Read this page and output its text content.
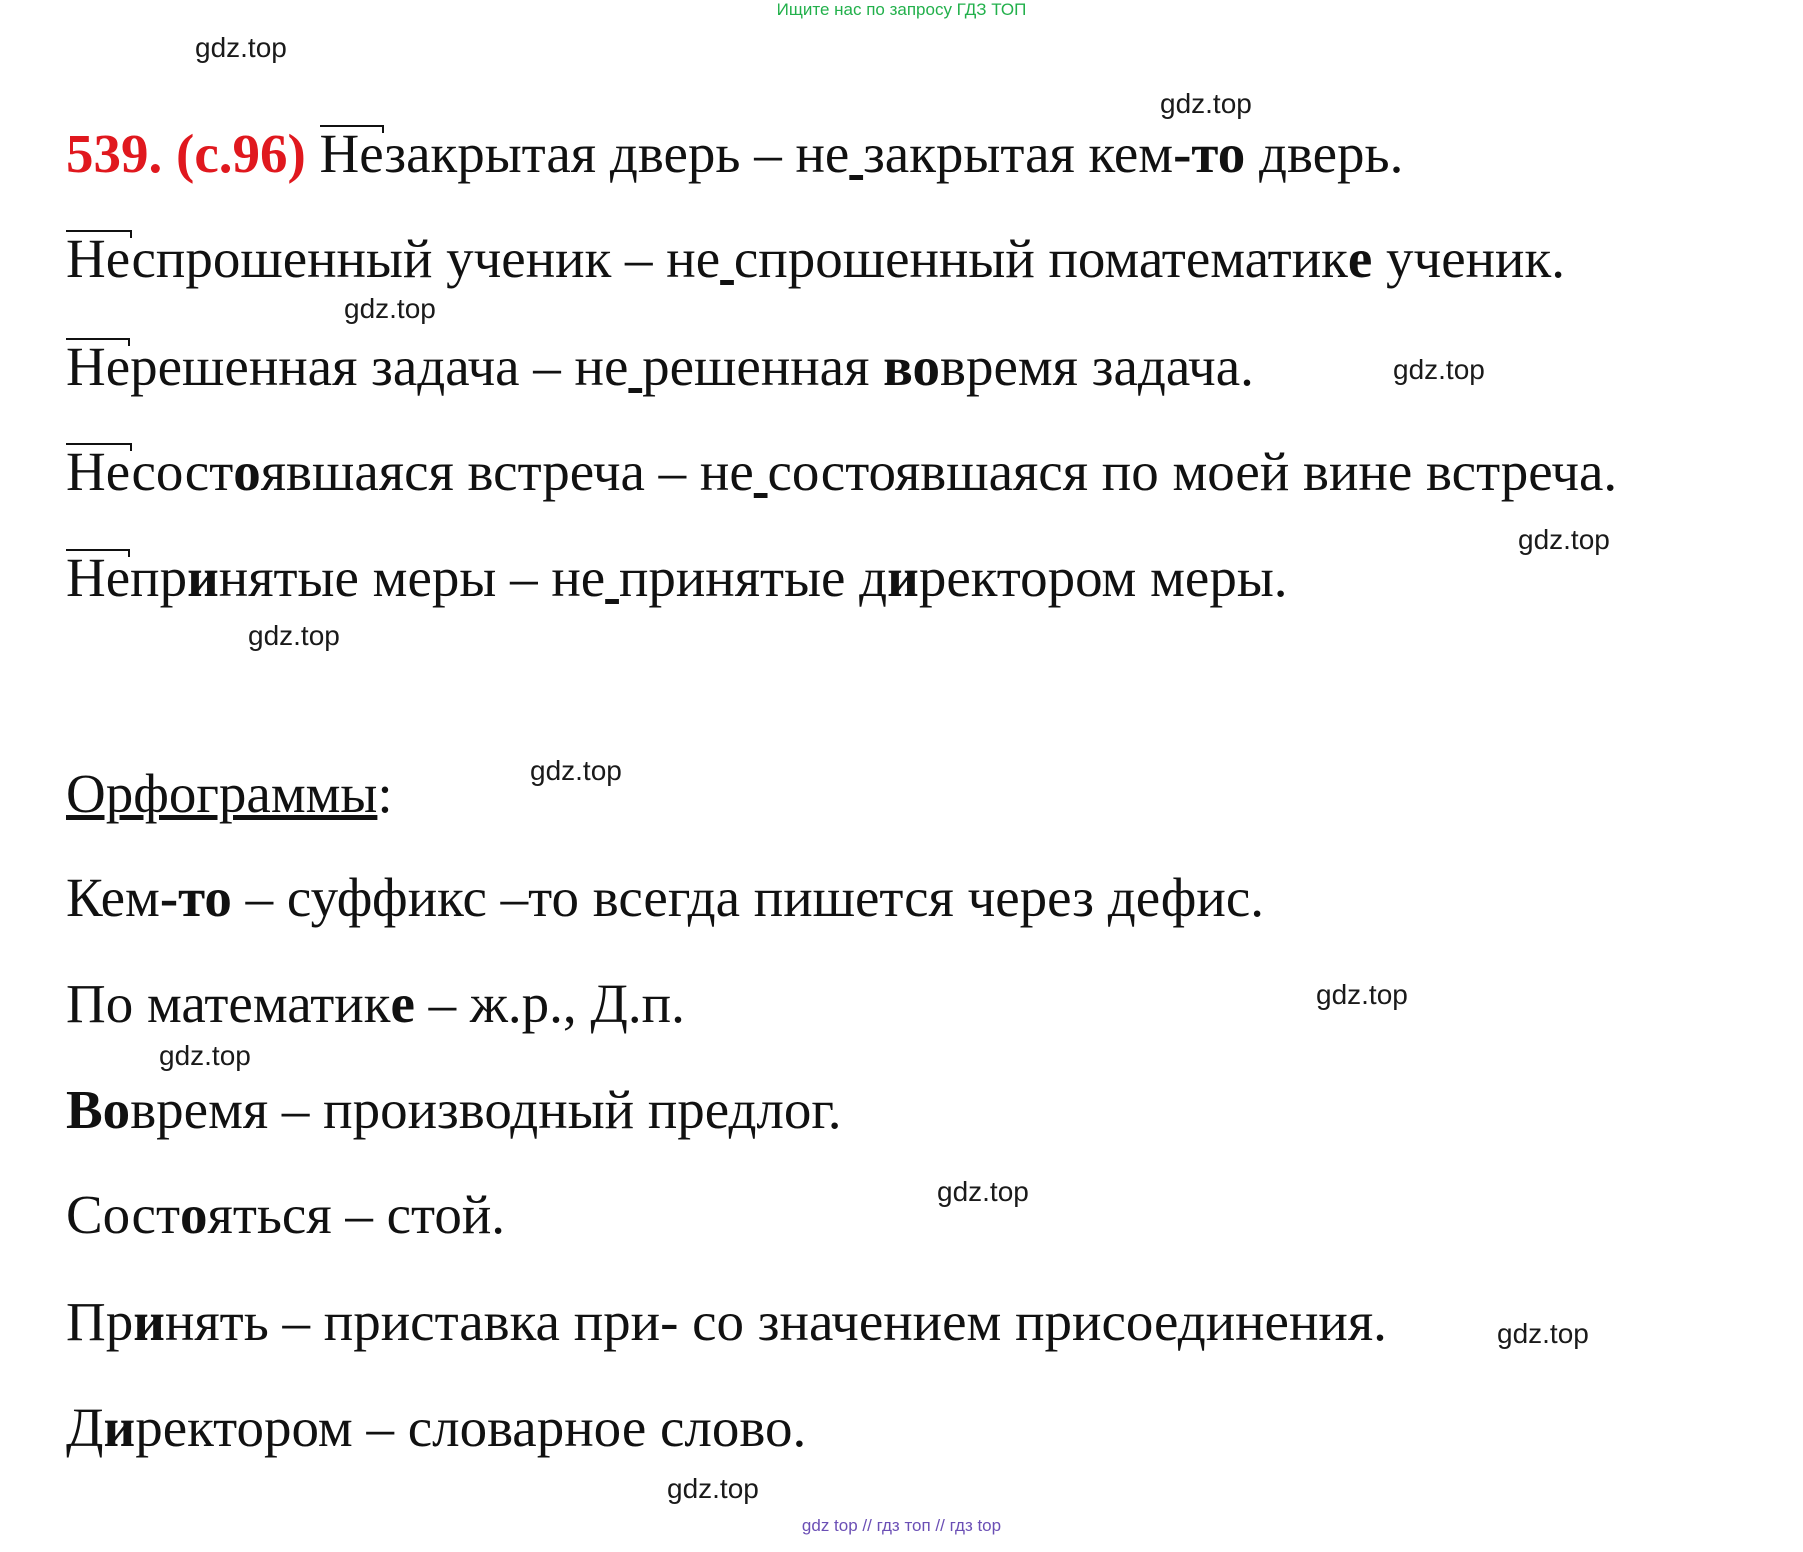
Ищите нас по запросу ГДЗ ТОП
gdz.top
gdz.top
gdz.top
gdz.top
gdz.top
gdz.top
gdz.top
gdz.top
gdz.top
gdz.top
gdz.top
gdz.top
539. (с.96) Незакрытая дверь – не закрытая кем-то дверь.
Неспрошенный ученик – не спрошенный поматематике ученик.
Нерешенная задача – не решенная вовремя задача.
Несостоявшаяся встреча – не состоявшаяся по моей вине встреча.
Непринятые меры – не принятые директором меры.
Орфограммы:
Кем-то – суффикс –то всегда пишется через дефис.
По математике – ж.р., Д.п.
Вовремя – производный предлог.
Состояться – стой.
Принять – приставка при- со значением присоединения.
Директором – словарное слово.
gdz top // гдз топ // гдз top
